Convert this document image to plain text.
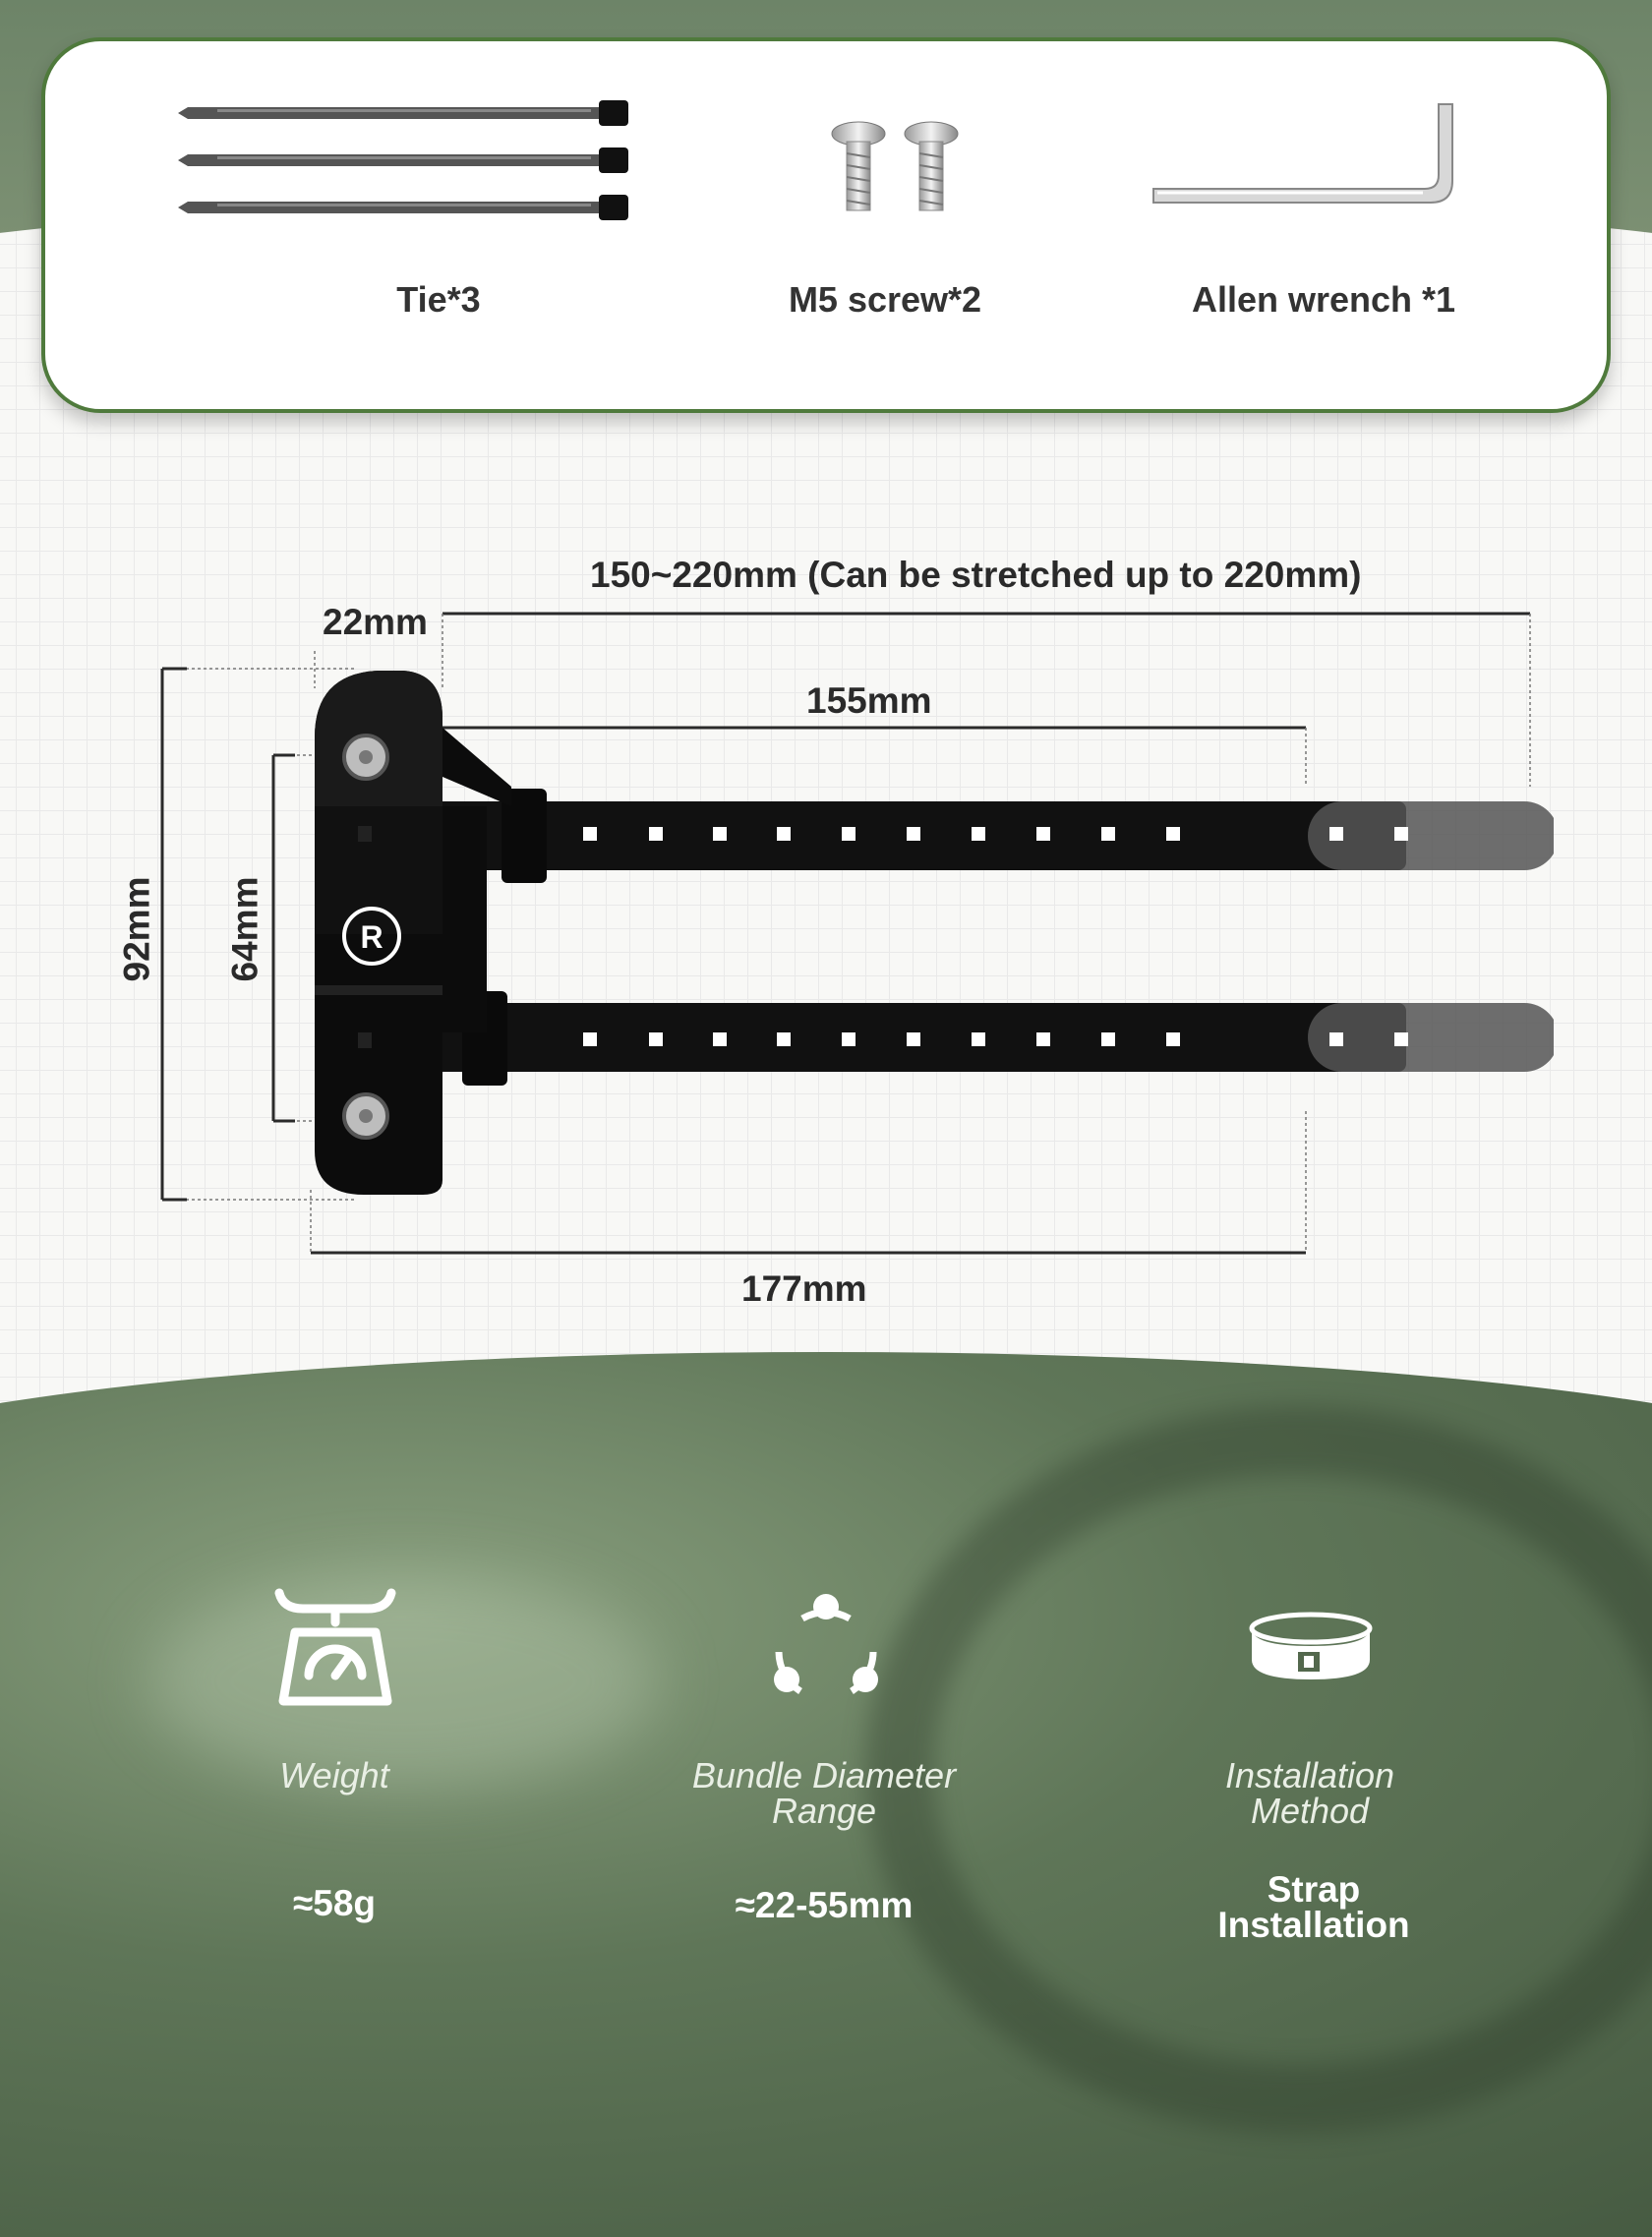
Tie*3	M5 screw*2	Allen wrench *1
R
150~220mm (Can be stretched up to 220mm)
22mm
155mm
177mm
92mm 64mm
Weight	Bundle Diameter
Range
Installation
Method
≈58g	≈22-55mm	Strap
Installation
